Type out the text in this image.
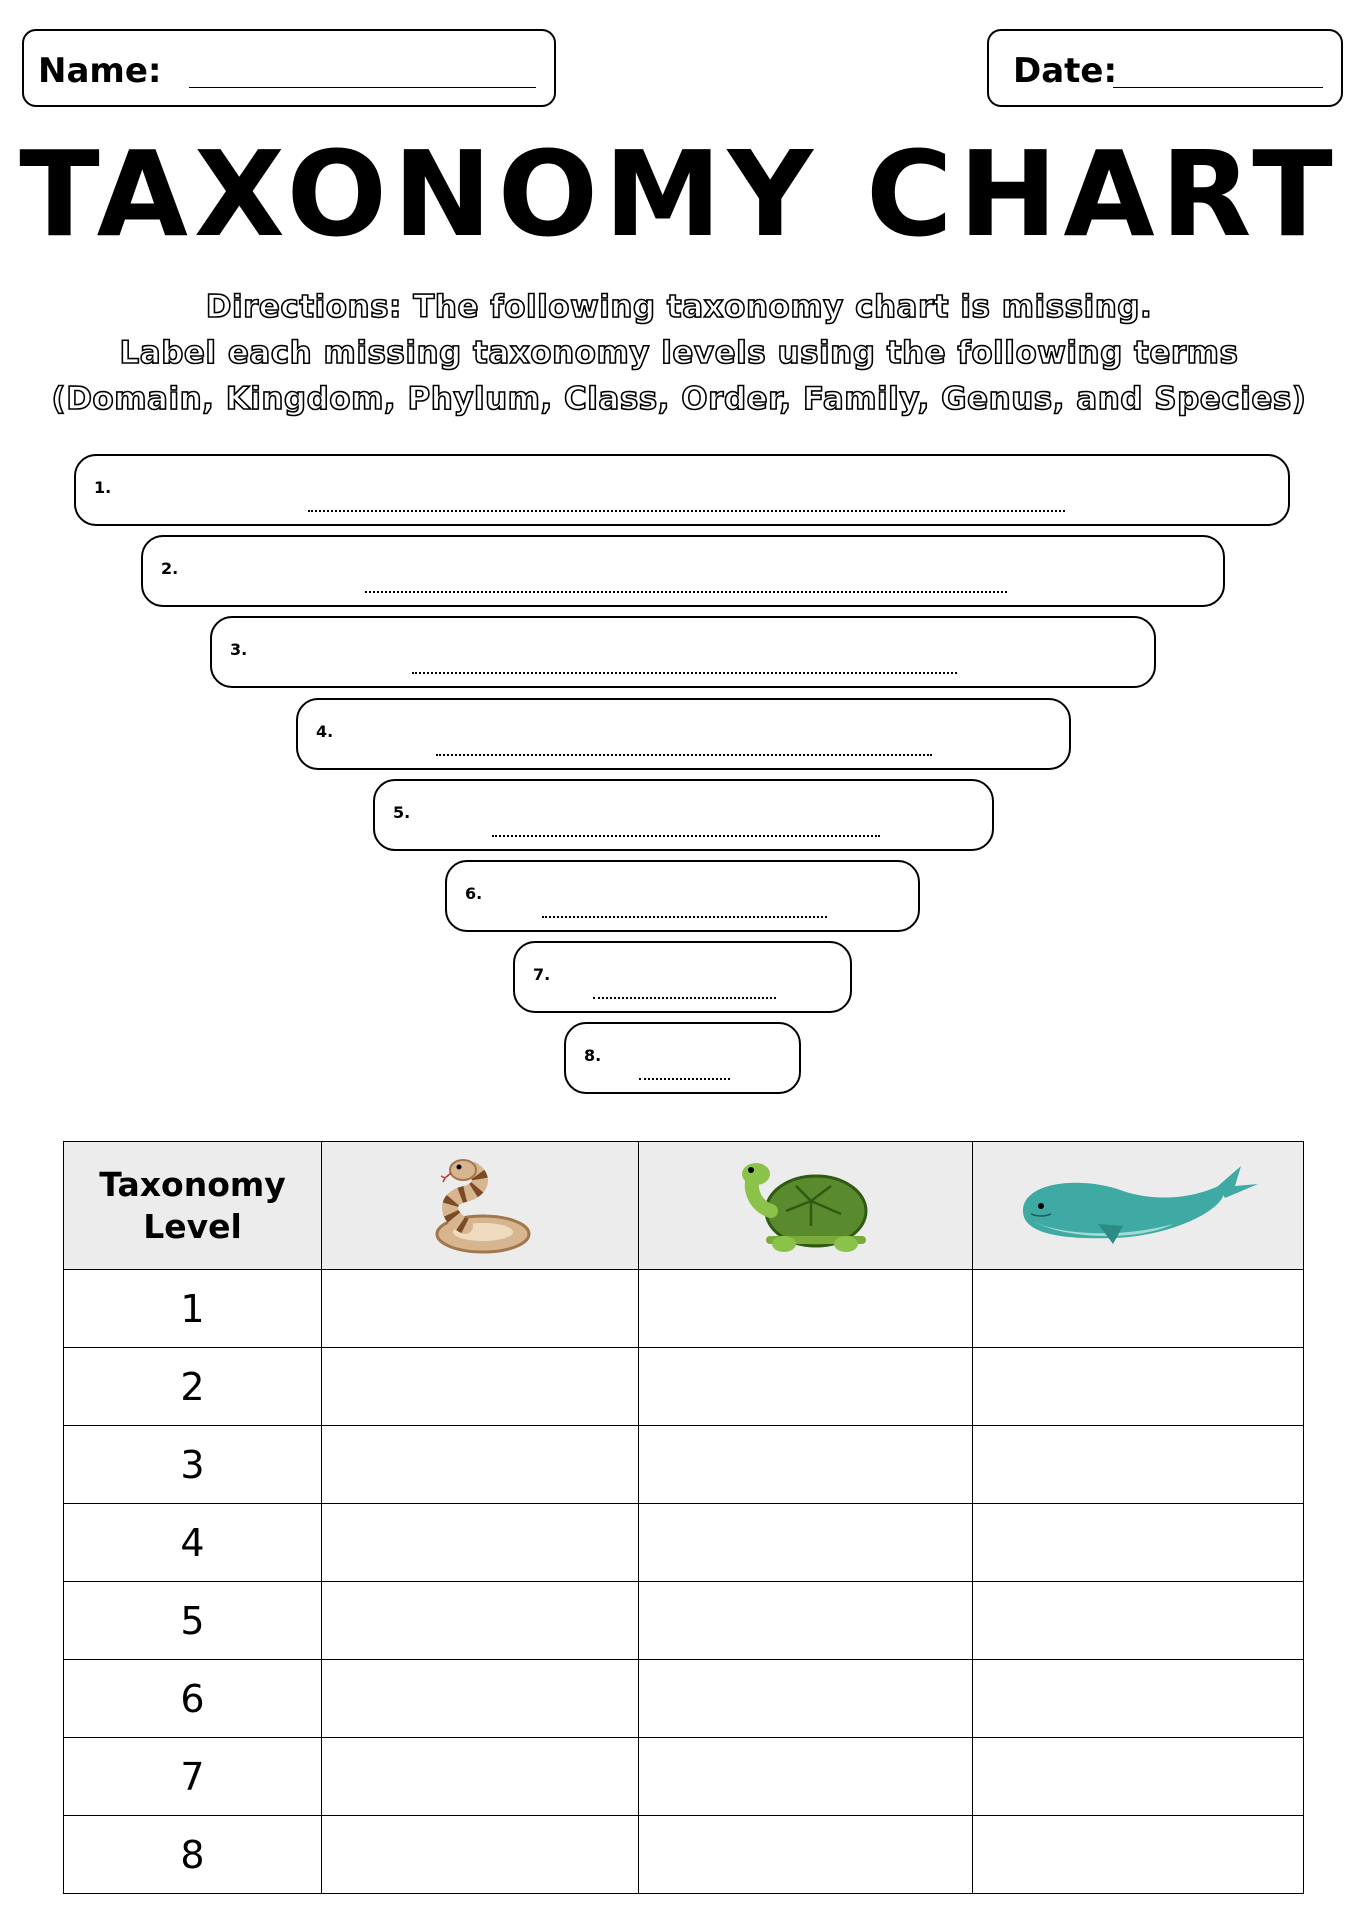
Name:	Date:
TAXONOMY CHART
Directions: The following taxonomy chart is missing.
Label each missing taxonomy levels using the following terms
(Domain, Kingdom, Phylum, Class, Order, Family, Genus, and Species)
1.
2.
3.
4.
5.
6.
7.
8.
Taxonomy Level

1			
2			
3			
4			
5			
6			
7			
8			
